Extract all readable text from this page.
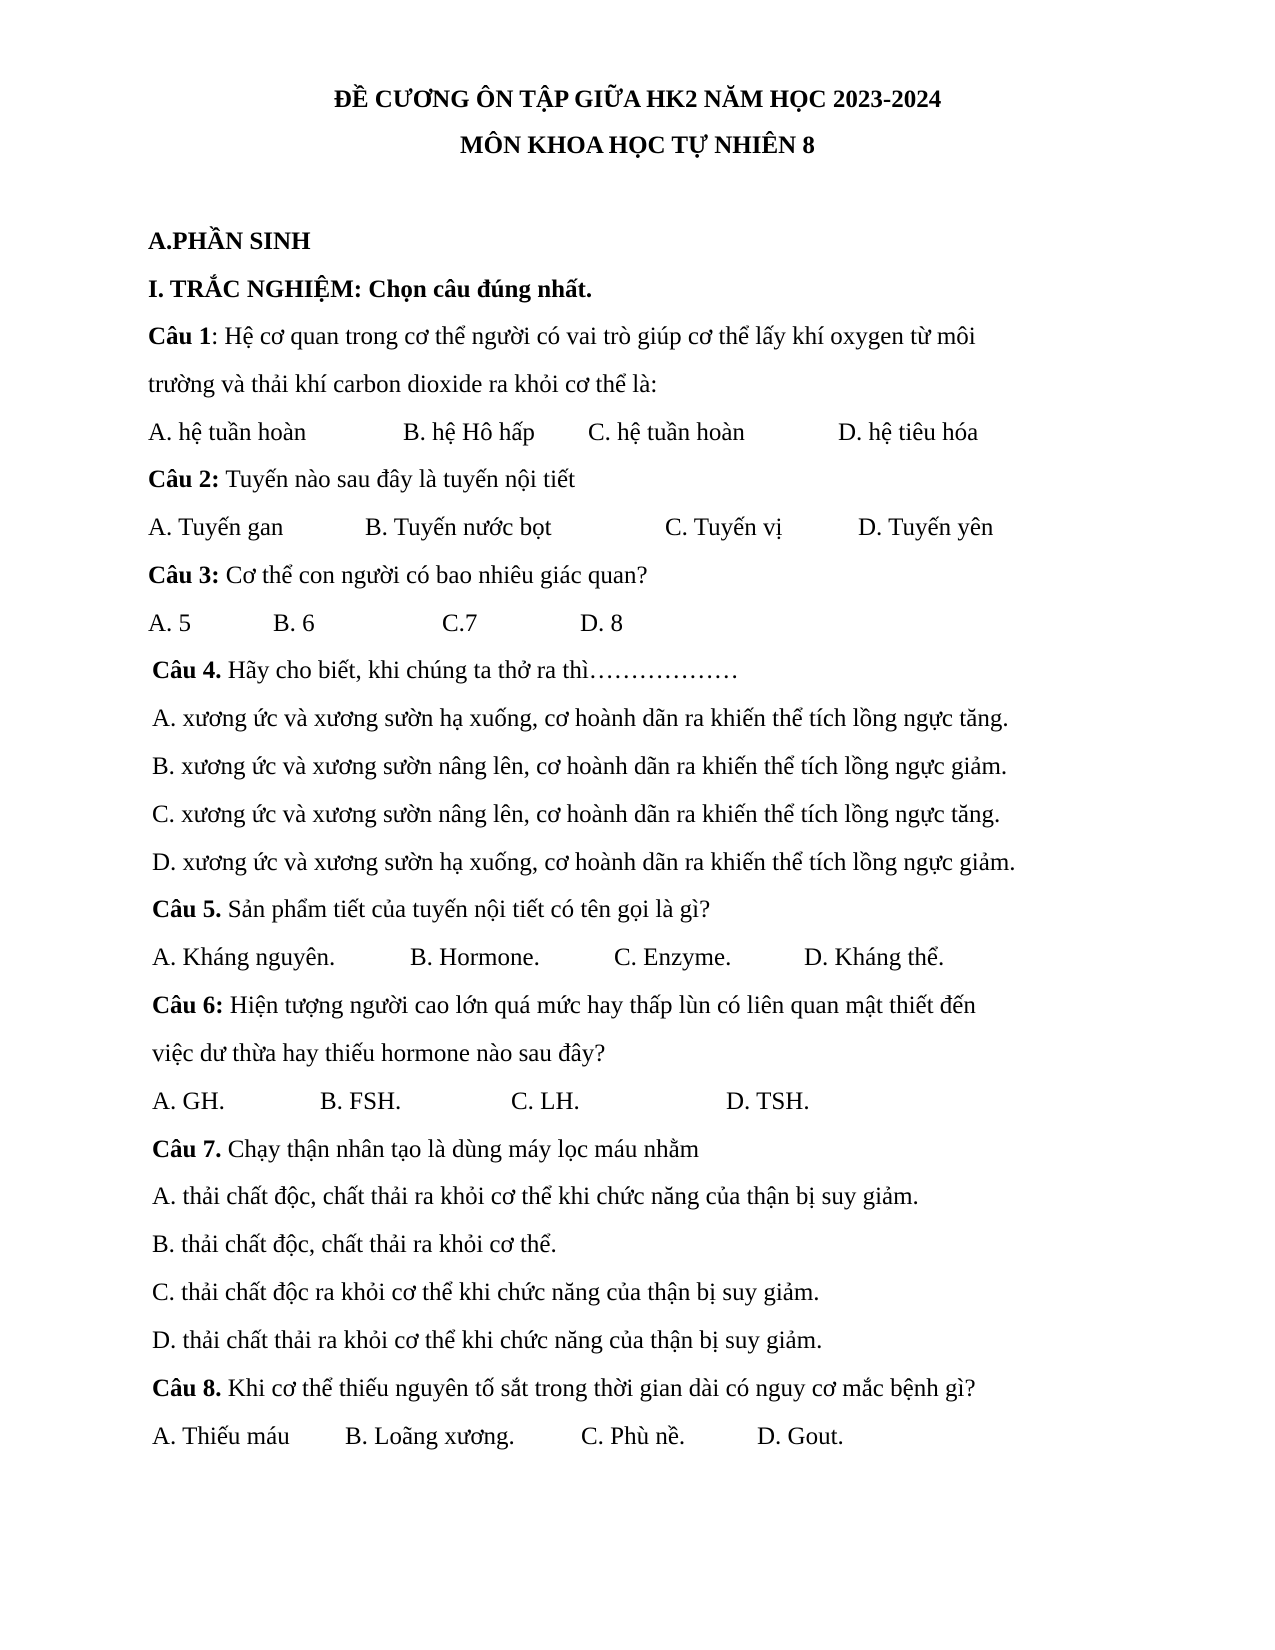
ĐỀ CƯƠNG ÔN TẬP GIỮA HK2 NĂM HỌC 2023-2024
MÔN KHOA HỌC TỰ NHIÊN 8
A.PHẦN SINH
I. TRẮC NGHIỆM: Chọn câu đúng nhất.
Câu 1: Hệ cơ quan trong cơ thể người có vai trò giúp cơ thể lấy khí oxygen từ môi
trường và thải khí carbon dioxide ra khỏi cơ thể là:
A. hệ tuần hoàn	B. hệ Hô hấp C. hệ tuần hoàn	D. hệ tiêu hóa
Câu 2: Tuyến nào sau đây là tuyến nội tiết
A. Tuyến gan	B. Tuyến nước bọt	C. Tuyến vị	D. Tuyến yên
Câu 3: Cơ thể con người có bao nhiêu giác quan?
A. 5	B. 6	C.7	D. 8
Câu 4. Hãy cho biết, khi chúng ta thở ra thì………………
A. xương ức và xương sườn hạ xuống, cơ hoành dãn ra khiến thể tích lồng ngực tăng.
B. xương ức và xương sườn nâng lên, cơ hoành dãn ra khiến thể tích lồng ngực giảm.
C. xương ức và xương sườn nâng lên, cơ hoành dãn ra khiến thể tích lồng ngực tăng.
D. xương ức và xương sườn hạ xuống, cơ hoành dãn ra khiến thể tích lồng ngực giảm.
Câu 5. Sản phẩm tiết của tuyến nội tiết có tên gọi là gì?
A. Kháng nguyên.	B. Hormone.	C. Enzyme.	D. Kháng thể.
Câu 6: Hiện tượng người cao lớn quá mức hay thấp lùn có liên quan mật thiết đến
việc dư thừa hay thiếu hormone nào sau đây?
A. GH.	B. FSH.	C. LH.	D. TSH.
Câu 7. Chạy thận nhân tạo là dùng máy lọc máu nhằm
A. thải chất độc, chất thải ra khỏi cơ thể khi chức năng của thận bị suy giảm.
B. thải chất độc, chất thải ra khỏi cơ thể.
C. thải chất độc ra khỏi cơ thể khi chức năng của thận bị suy giảm.
D. thải chất thải ra khỏi cơ thể khi chức năng của thận bị suy giảm.
Câu 8. Khi cơ thể thiếu nguyên tố sắt trong thời gian dài có nguy cơ mắc bệnh gì?
A. Thiếu máu B. Loãng xương.	C. Phù nề.	D. Gout.
